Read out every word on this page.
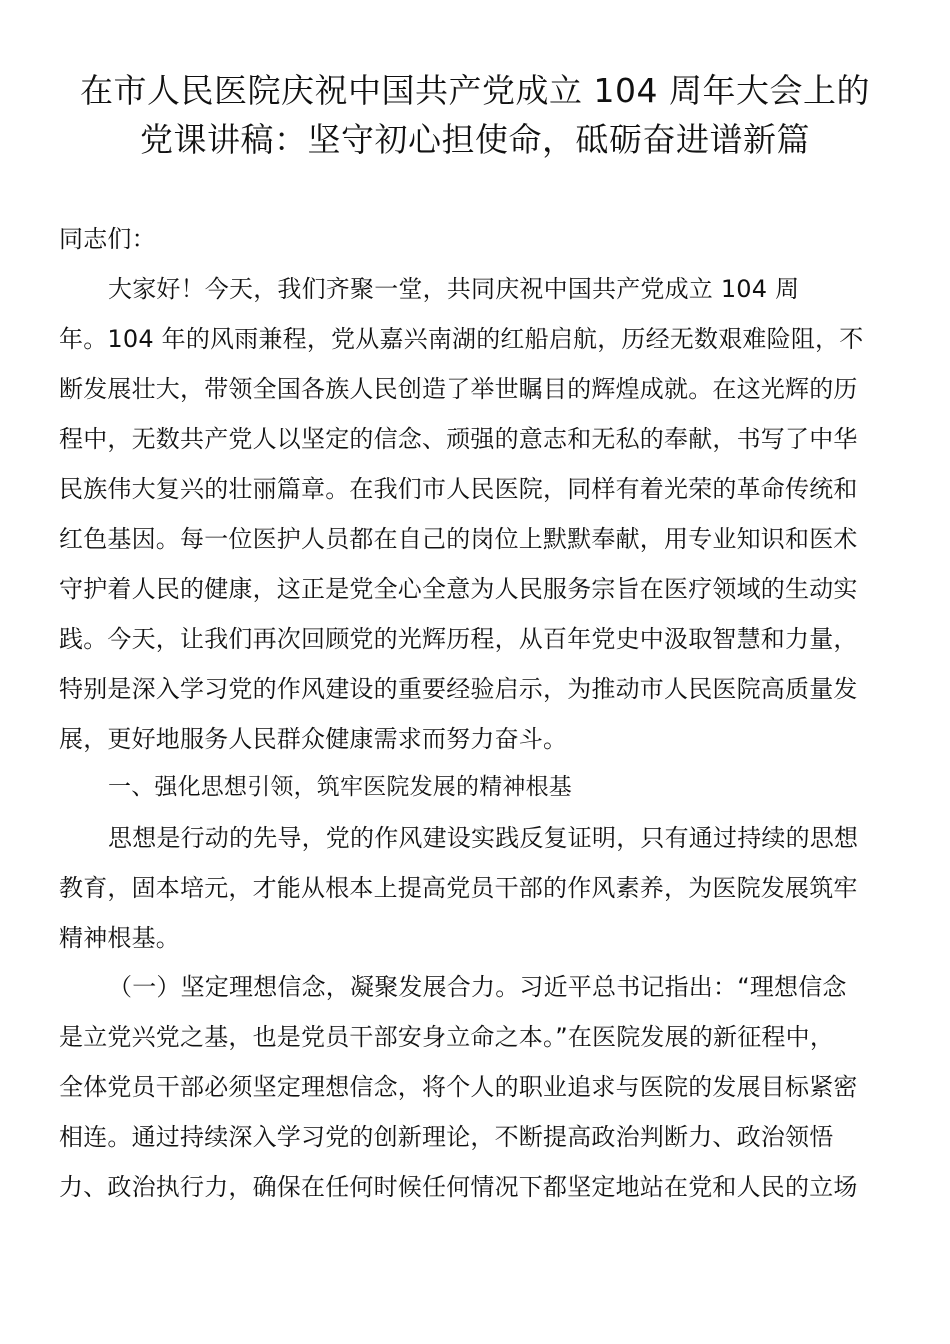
在市人民医院庆祝中国共产党成立 104 周年大会上的
党课讲稿：坚守初心担使命，砥砺奋进谱新篇
同志们：
大家好！今天，我们齐聚一堂，共同庆祝中国共产党成立 104 周
年。104 年的风雨兼程，党从嘉兴南湖的红船启航，历经无数艰难险阻，不
断发展壮大，带领全国各族人民创造了举世瞩目的辉煌成就。在这光辉的历
程中，无数共产党人以坚定的信念、顽强的意志和无私的奉献，书写了中华
民族伟大复兴的壮丽篇章。在我们市人民医院，同样有着光荣的革命传统和
红色基因。每一位医护人员都在自己的岗位上默默奉献，用专业知识和医术
守护着人民的健康，这正是党全心全意为人民服务宗旨在医疗领域的生动实
践。今天，让我们再次回顾党的光辉历程，从百年党史中汲取智慧和力量，
特别是深入学习党的作风建设的重要经验启示，为推动市人民医院高质量发
展，更好地服务人民群众健康需求而努力奋斗。
一、强化思想引领，筑牢医院发展的精神根基
思想是行动的先导，党的作风建设实践反复证明，只有通过持续的思想
教育，固本培元，才能从根本上提高党员干部的作风素养，为医院发展筑牢
精神根基。
（一）坚定理想信念，凝聚发展合力。习近平总书记指出：“理想信念
是立党兴党之基，也是党员干部安身立命之本。”在医院发展的新征程中，
全体党员干部必须坚定理想信念，将个人的职业追求与医院的发展目标紧密
相连。通过持续深入学习党的创新理论，不断提高政治判断力、政治领悟
力、政治执行力，确保在任何时候任何情况下都坚定地站在党和人民的立场
